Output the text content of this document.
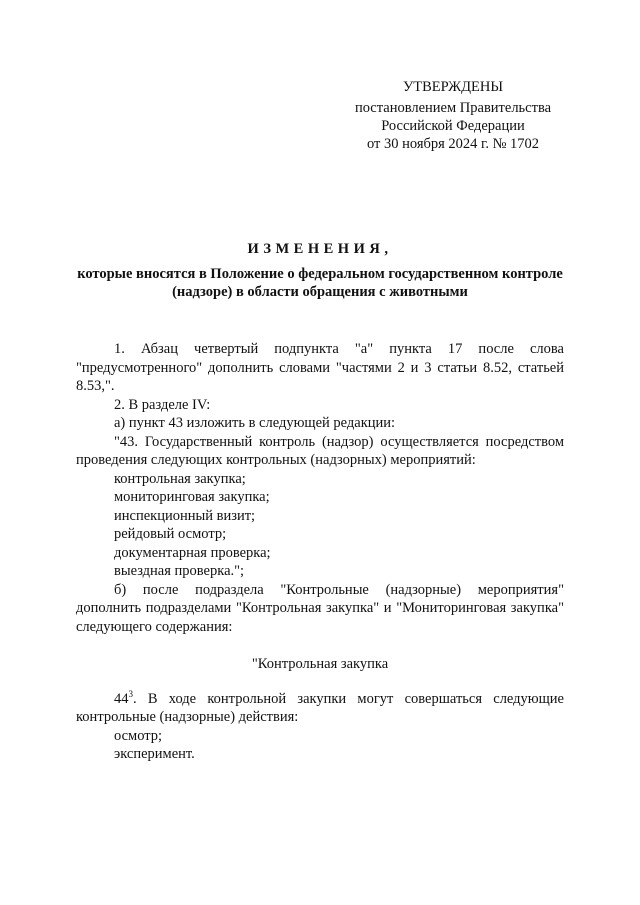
УТВЕРЖДЕНЫ
постановлением Правительства
Российской Федерации
от 30 ноября 2024 г. № 1702
ИЗМЕНЕНИЯ,
которые вносятся в Положение о федеральном государственном контроле (надзоре) в области обращения с животными

1. Абзац четвертый подпункта "а" пункта 17 после слова "предусмотренного" дополнить словами "частями 2 и 3 статьи 8.52, статьей 8.53,".

2. В разделе IV:

а) пункт 43 изложить в следующей редакции:

"43. Государственный контроль (надзор) осуществляется посредством проведения следующих контрольных (надзорных) мероприятий:

контрольная закупка;

мониторинговая закупка;

инспекционный визит;

рейдовый осмотр;

документарная проверка;

выездная проверка.";

б) после подраздела "Контрольные (надзорные) мероприятия" дополнить подразделами "Контрольная закупка" и "Мониторинговая закупка" следующего содержания:

"Контрольная закупка

$44^3$. В ходе контрольной закупки могут совершаться следующие контрольные (надзорные) действия:

осмотр;

эксперимент.
